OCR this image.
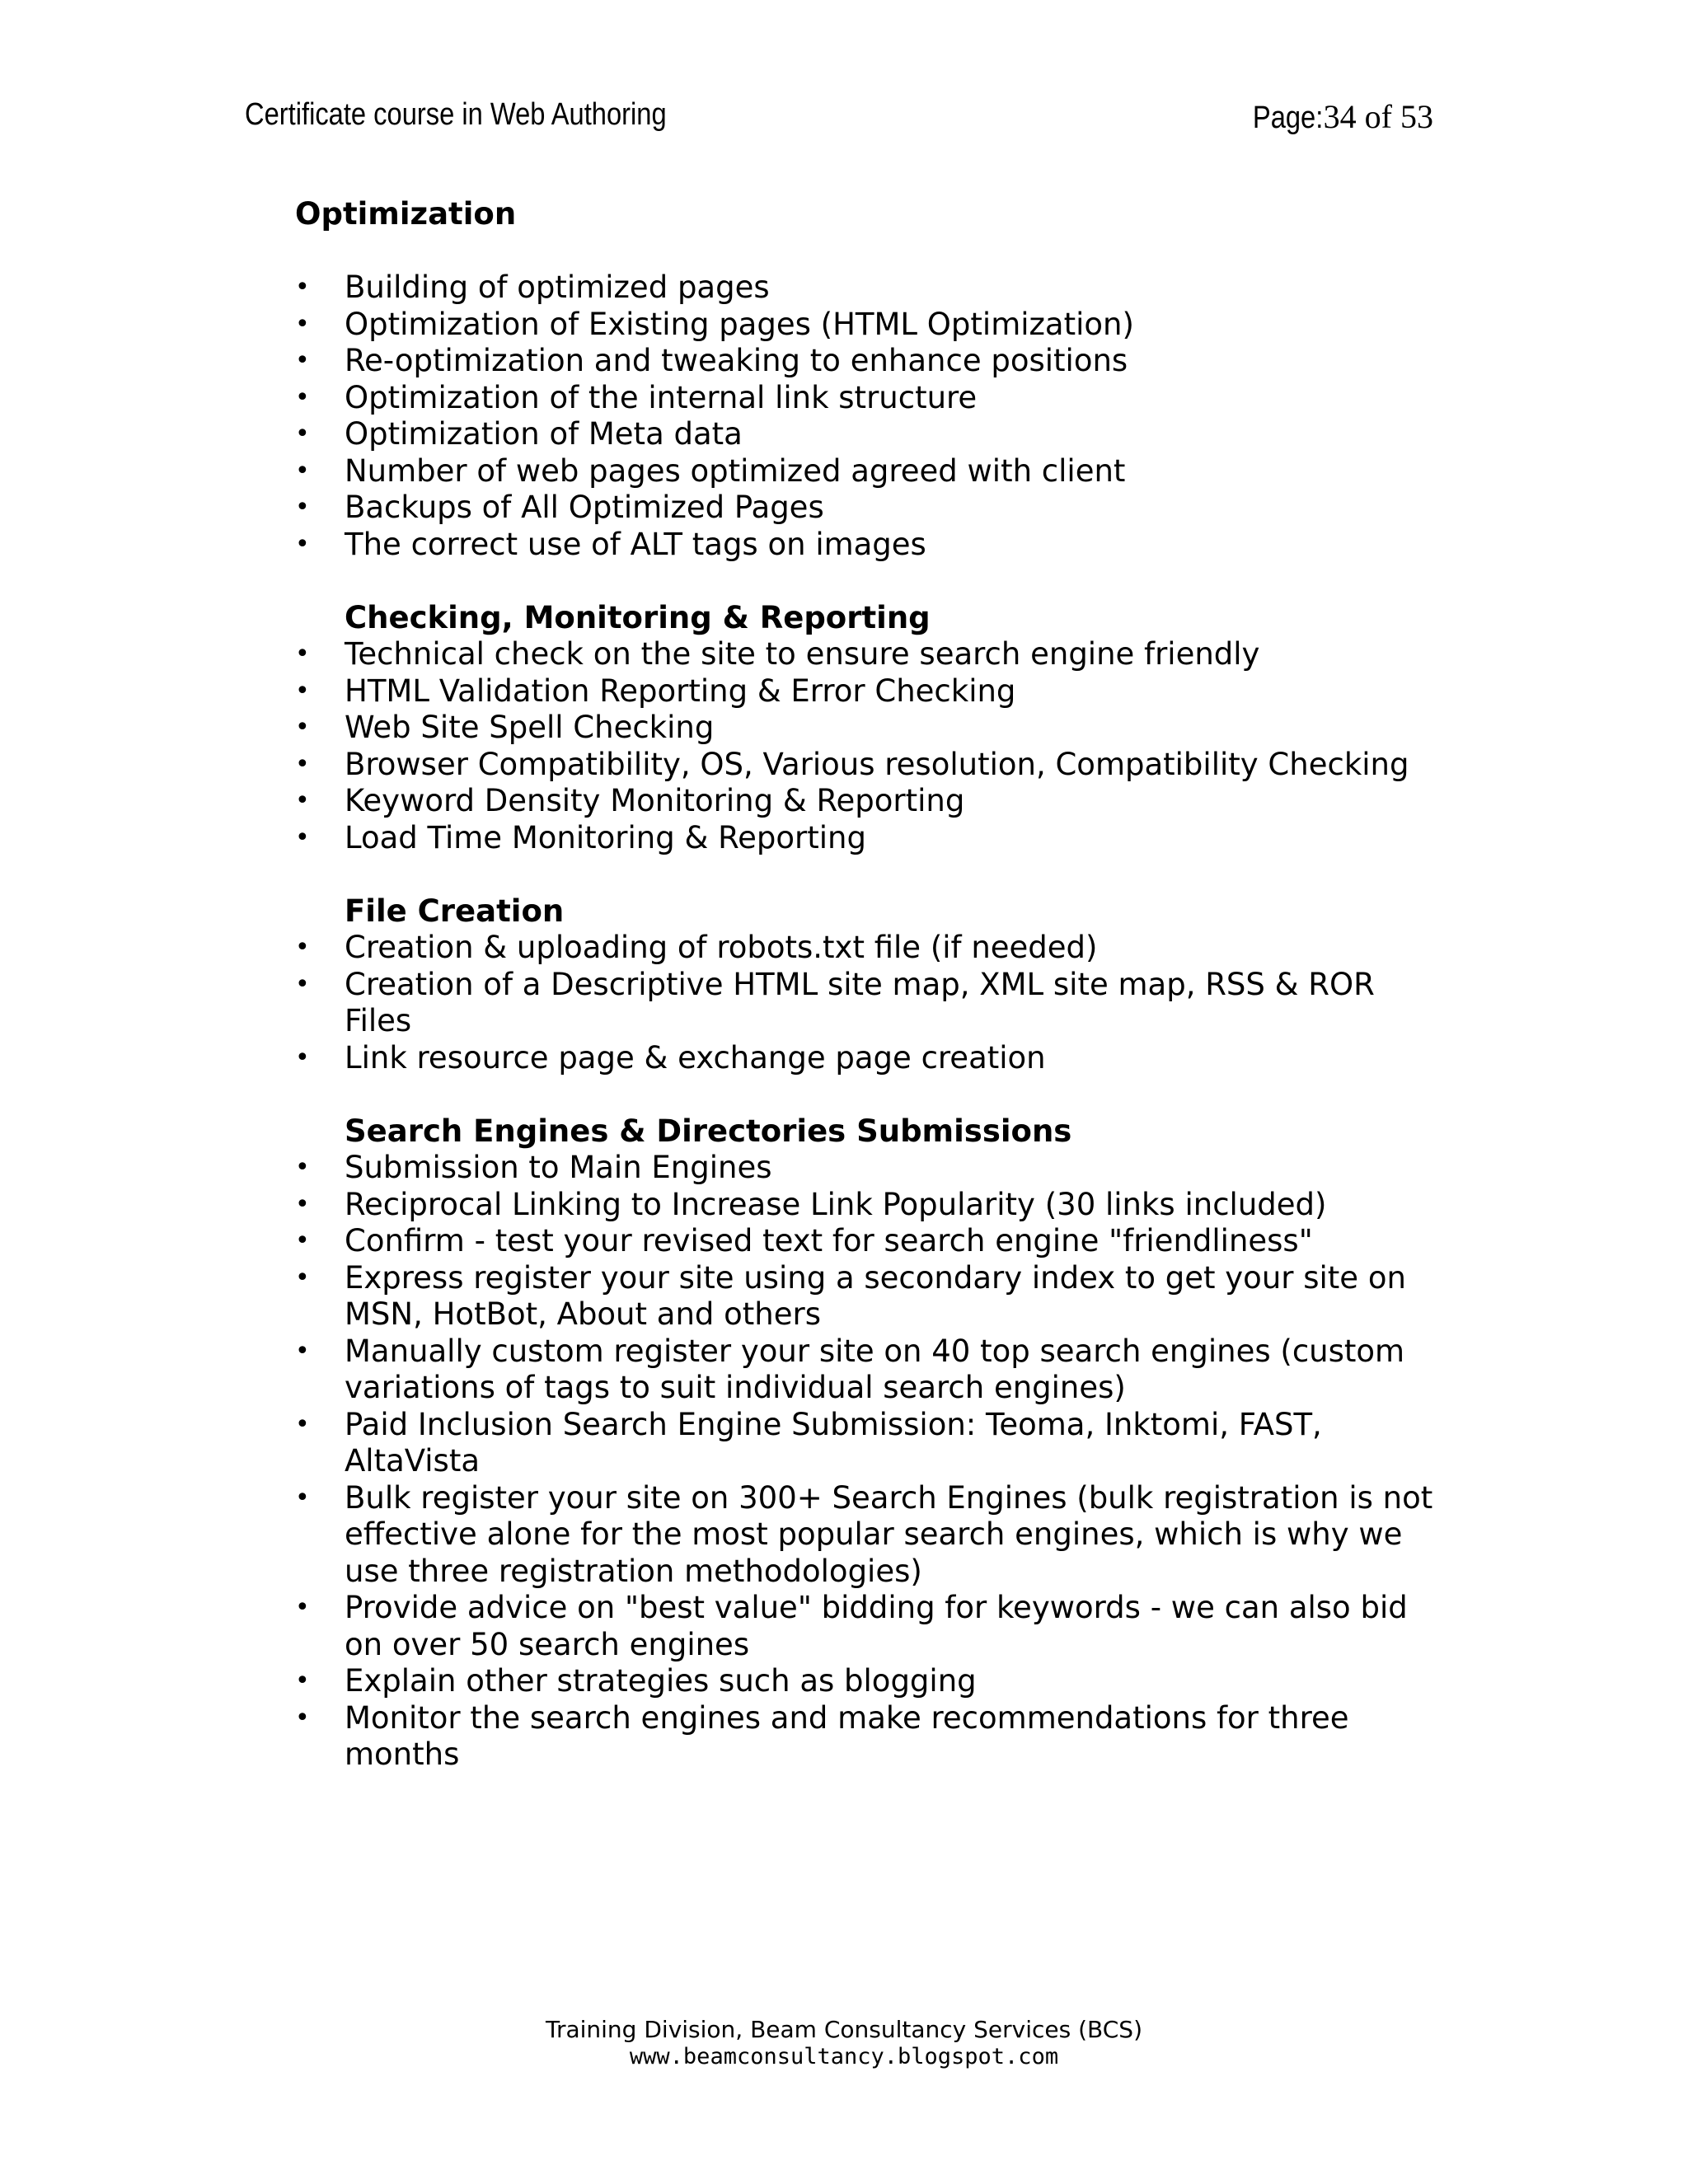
Certificate course in Web Authoring	Page:34 of 53

Optimization

• Building of optimized pages
• Optimization of Existing pages (HTML Optimization)
• Re-optimization and tweaking to enhance positions
• Optimization of the internal link structure
• Optimization of Meta data
• Number of web pages optimized agreed with client
• Backups of All Optimized Pages
• The correct use of ALT tags on images

Checking, Monitoring & Reporting

• Technical check on the site to ensure search engine friendly
• HTML Validation Reporting & Error Checking
• Web Site Spell Checking
• Browser Compatibility, OS, Various resolution, Compatibility Checking
• Keyword Density Monitoring & Reporting
• Load Time Monitoring & Reporting

File Creation

• Creation & uploading of robots.txt file (if needed)
• Creation of a Descriptive HTML site map, XML site map, RSS & ROR Files
• Link resource page & exchange page creation

Search Engines & Directories Submissions

• Submission to Main Engines
• Reciprocal Linking to Increase Link Popularity (30 links included)
• Confirm - test your revised text for search engine "friendliness"
• Express register your site using a secondary index to get your site on MSN, HotBot, About and others
• Manually custom register your site on 40 top search engines (custom variations of tags to suit individual search engines)
• Paid Inclusion Search Engine Submission: Teoma, Inktomi, FAST, AltaVista
• Bulk register your site on 300+ Search Engines (bulk registration is not effective alone for the most popular search engines, which is why we use three registration methodologies)
• Provide advice on "best value" bidding for keywords - we can also bid on over 50 search engines
• Explain other strategies such as blogging
• Monitor the search engines and make recommendations for three months
Training Division, Beam Consultancy Services (BCS)
www.beamconsultancy.blogspot.com
